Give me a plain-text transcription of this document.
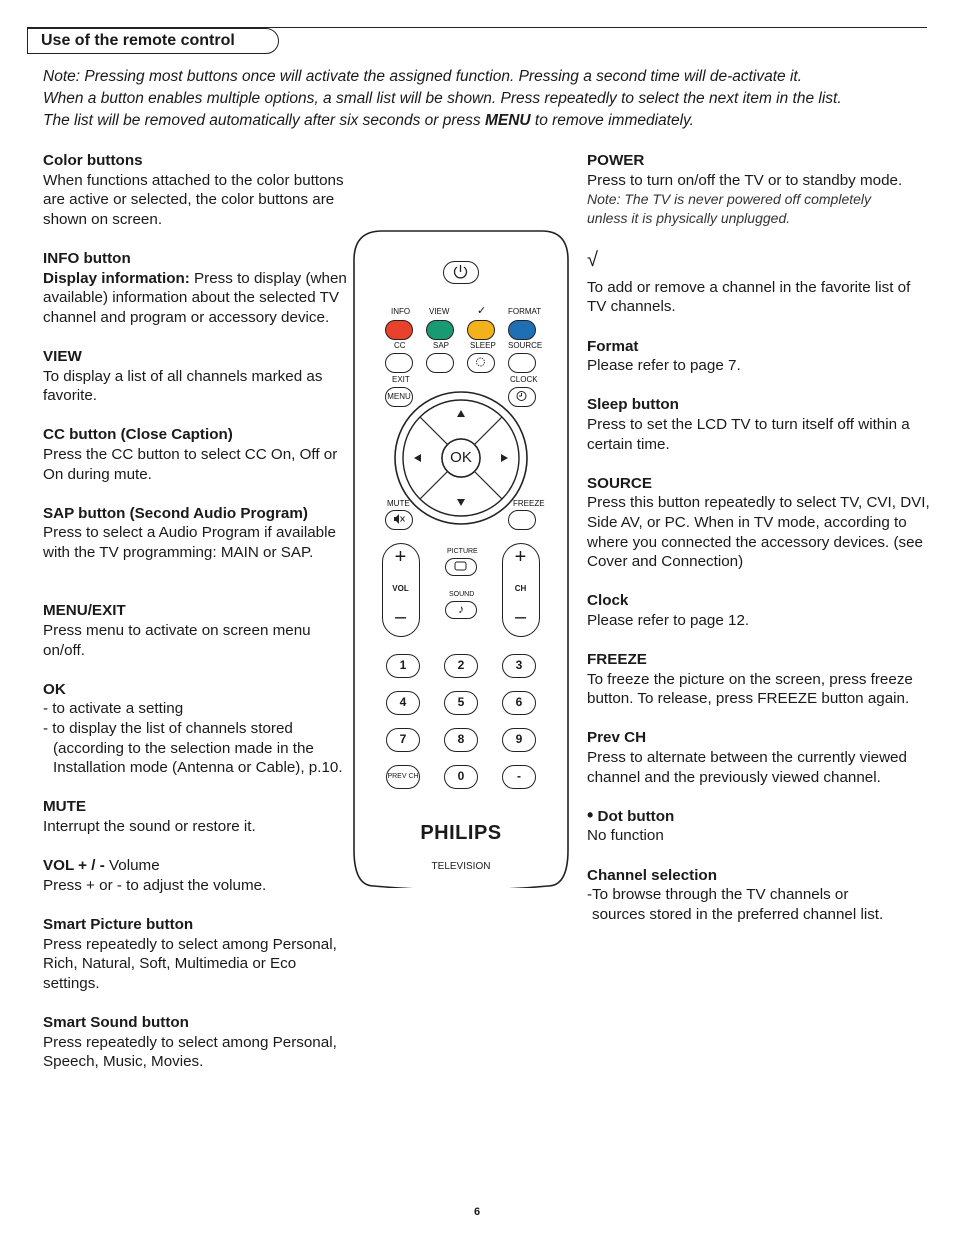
Use of the remote control
Note: Pressing most buttons once will activate the assigned function. Pressing a second time will de-activate it.
When a button enables multiple options, a small list will be shown. Press repeatedly to select the next item in the list.
The list will be removed automatically after six seconds or press MENU to remove immediately.
Color buttons

When functions attached to the color buttons are active or selected, the color buttons are shown on screen.

INFO button

Display information: Press to display (when available) information about the selected TV channel and program or accessory device.

VIEW

To display a list of all channels marked as favorite.

CC button (Close Caption)

Press the CC button to select CC On, Off or On during mute.

SAP button (Second Audio Program)

Press to select a Audio Program if available with the TV programming: MAIN or SAP.

MENU/EXIT

Press menu to activate on screen menu on/off.

OK

- to activate a setting

- to display the list of channels stored

(according to the selection made in the Installation mode (Antenna or Cable), p.10.

MUTE

Interrupt the sound or restore it.

VOL + / - Volume

Press + or - to adjust the volume.

Smart Picture button

Press repeatedly to select among Personal, Rich, Natural, Soft, Multimedia or Eco settings.

Smart Sound button

Press repeatedly to select among Personal, Speech, Music, Movies.

POWER

Press to turn on/off the TV or to standby mode.

Note: The TV is never powered off completely unless it is physically unplugged.

√

To add or remove a channel in the favorite list of TV channels.

Format

Please refer to page 7.

Sleep button

Press to set the LCD TV to turn itself off within a certain time.

SOURCE

Press this button repeatedly to select TV, CVI, DVI, Side AV, or PC. When in TV mode, according to where you connected the accessory devices. (see Cover and Connection)

Clock

Please refer to page 12.

FREEZE

To freeze the picture on the screen, press freeze button. To release, press FREEZE button again.

Prev CH

Press to alternate between the currently viewed channel and the previously viewed channel.

• Dot button

No function

Channel selection

-To browse through the TV channels or

sources stored in the preferred channel list.

INFO VIEW	✓	FORMAT
CC	SAP	SLEEP SOURCE
EXIT	CLOCK
MENU
OK
MUTE	FREEZE
+
VOL
–
+
CH
–
PICTURE
SOUND
♪
1	2	3
4	5	6
7	8	9
0	-
PREV CH
PHILIPS
TELEVISION
6
